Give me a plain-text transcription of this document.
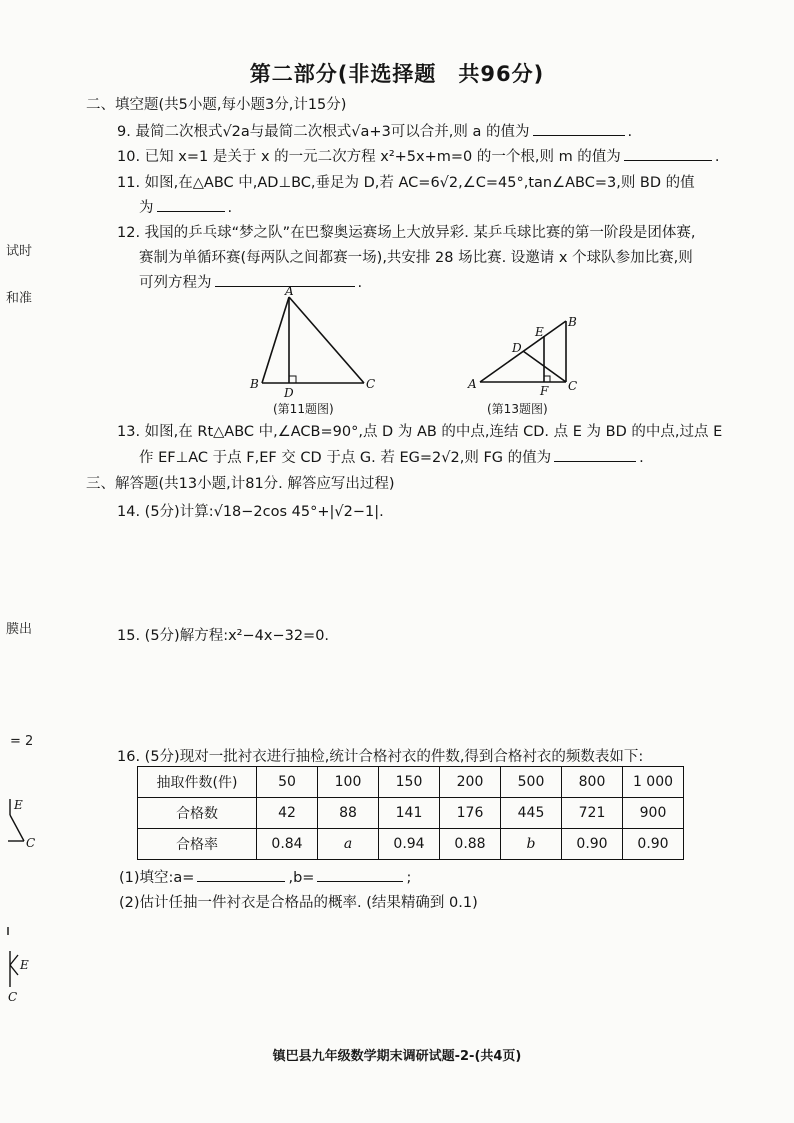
第二部分(非选择题　共96分)
二、填空题(共5小题,每小题3分,计15分)
9. 最简二次根式√2a与最简二次根式√a+3可以合并,则 a 的值为	.
10. 已知 x=1 是关于 x 的一元二次方程 x²+5x+m=0 的一个根,则 m 的值为	.
11. 如图,在△ABC 中,AD⊥BC,垂足为 D,若 AC=6√2,∠C=45°,tan∠ABC=3,则 BD 的值
为	.
12. 我国的乒乓球“梦之队”在巴黎奥运赛场上大放异彩. 某乒乓球比赛的第一阶段是团体赛,
赛制为单循环赛(每两队之间都赛一场),共安排 28 场比赛. 设邀请 x 个球队参加比赛,则
可列方程为	.
A
B
D
C
(第11题图)
B
E
D
A	F C
(第13题图)
13. 如图,在 Rt△ABC 中,∠ACB=90°,点 D 为 AB 的中点,连结 CD. 点 E 为 BD 的中点,过点 E
作 EF⊥AC 于点 F,EF 交 CD 于点 G. 若 EG=2√2,则 FG 的值为	.
三、解答题(共13小题,计81分. 解答应写出过程)
14. (5分)计算:√18−2cos 45°+|√2−1|.
15. (5分)解方程:x²−4x−32=0.
16. (5分)现对一批衬衣进行抽检,统计合格衬衣的件数,得到合格衬衣的频数表如下:
抽取件数(件)	50	100	150	200	500	800	1 000
合格数	42	88	141	176	445	721	900
合格率	0.84	a	0.94	0.88	b	0.90	0.90
(1)填空:a=	,b=	;
(2)估计任抽一件衬衣是合格品的概率. (结果精确到 0.1)
试时
和准
膜出
= 2
E
C
E
C
镇巴县九年级数学期末调研试题-2-(共4页)
